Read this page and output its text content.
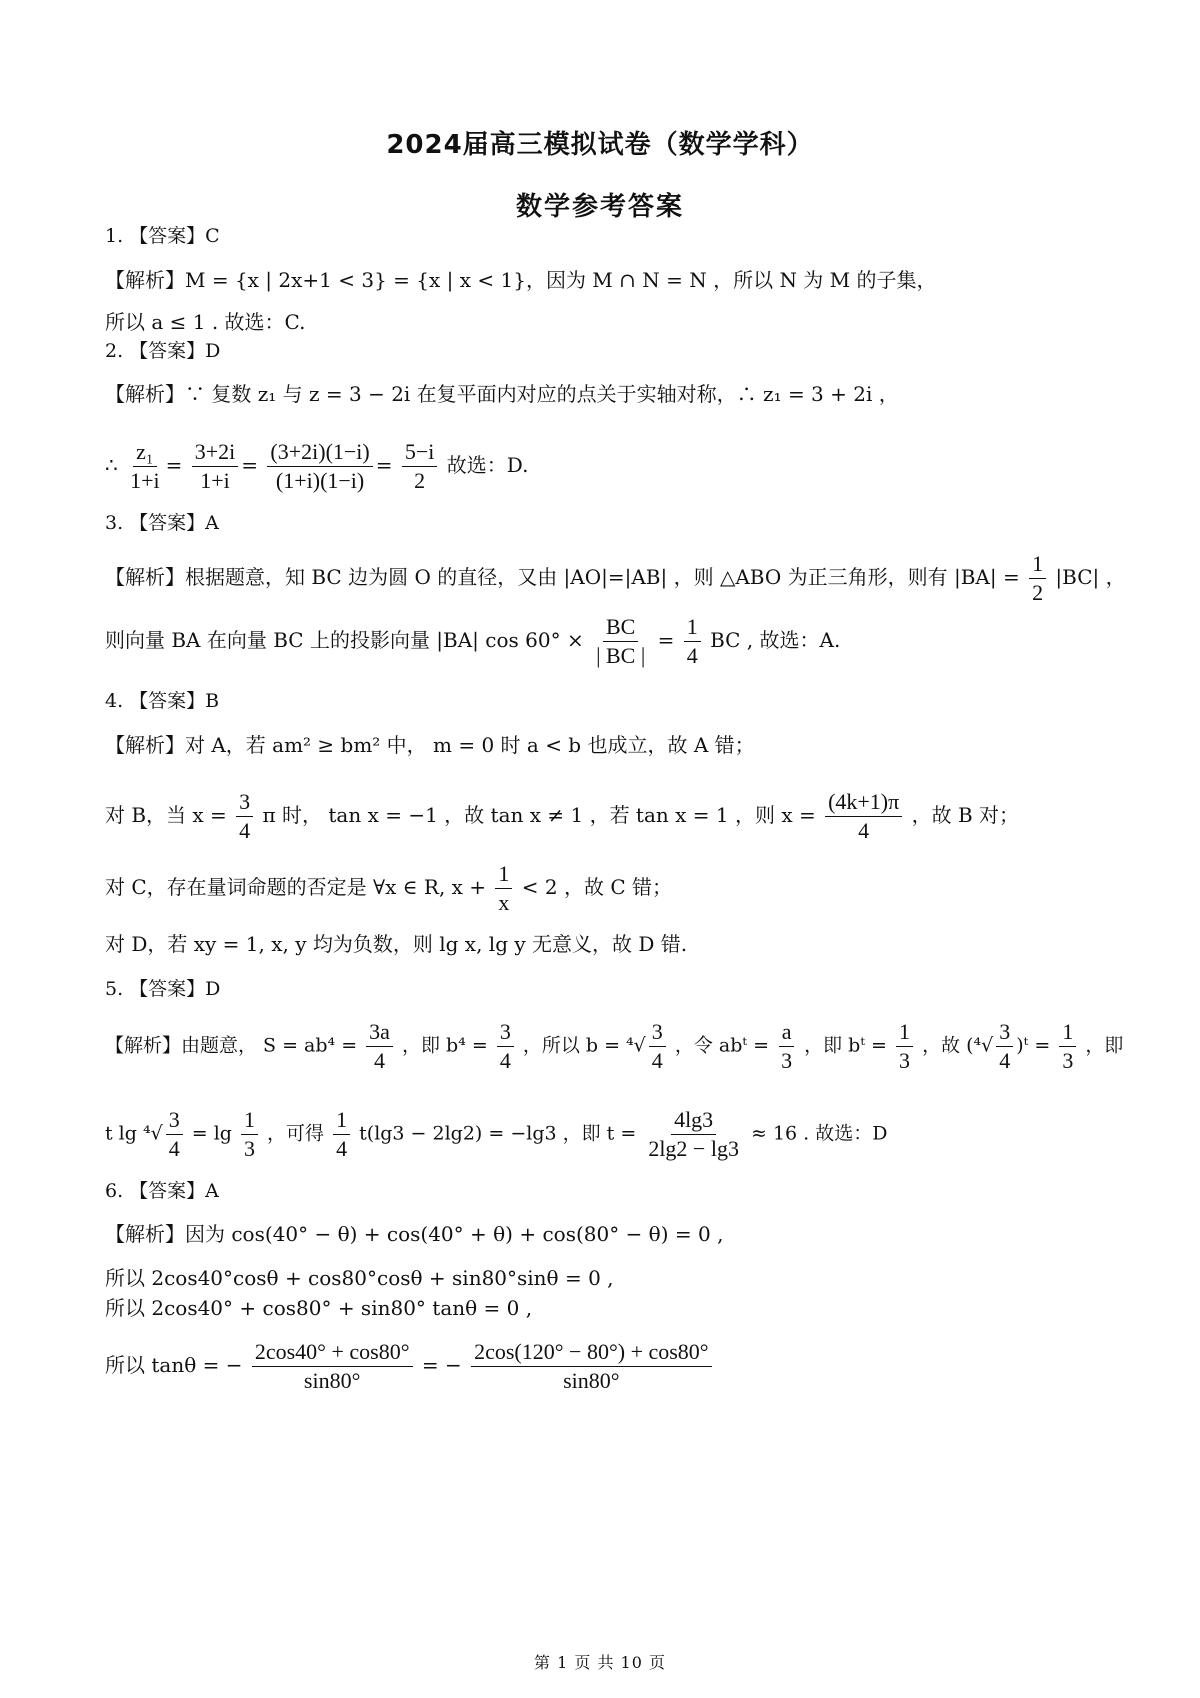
2024届高三模拟试卷（数学学科）
数学参考答案
1. 【答案】C
【解析】M = {x | 2x+1 < 3} = {x | x < 1}，因为 M ∩ N = N ，所以 N 为 M 的子集，
所以 a ≤ 1 . 故选：C.
2. 【答案】D
【解析】∵ 复数 z₁ 与 z = 3 − 2i 在复平面内对应的点关于实轴对称，∴ z₁ = 3 + 2i ，
∴ $\frac{\text{z₁}}{1+i} = \frac{3+2i}{1+i} = \frac{(3+2i)(1-i)}{(1+i)(1-i)} = \frac{5-i}{2}$ 故选：D.
3. 【答案】A
【解析】根据题意，知 BC 边为圆 O 的直径，又由 |AO|=|AB| ，则 △ABO 为正三角形，则有 $|BA| = \frac{1}{2} |BC|$ ，
则向量 BA 在向量 BC 上的投影向量 |BA| $\cos 60^\circ \times \frac{BC}{| BC |} = \frac{1}{4}$ BC , 故选：A.
4. 【答案】B
【解析】对 A，若 am² ≥ bm² 中， m = 0 时 a < b 也成立，故 A 错；
对 B，当 $x = \frac{3}{4}$ π 时， tan x = −1 ，故 tan x ≠ 1 ，若 tan x = 1 ，则 $x = \frac{(4k+1)\pi}{4}$ ，故 B 对；
对 C，存在量词命题的否定是 ∀x ∈ R, $x + \frac{1}{x} < 2$ ，故 C 错；
对 D，若 xy = 1, x, y 均为负数，则 lg x, lg y 无意义，故 D 错.
5. 【答案】D
【解析】由题意， $S = ab^4 = \frac{3a}{4}$ ，即 $b^4 = \frac{3}{4}$ ，所以 $b = ^4√ \frac{3}{4}$ ，令 abᵗ = $\frac{a}{3}$ ，即 bᵗ = $\frac{1}{3}$ ，故 ($^4√ \frac{3}{4}$ )ᵗ = $\frac{1}{3}$ ，即
t $\lg ^4√ \frac{3}{4} = \lg \frac{1}{3}$ ，可得 $\frac{1}{4} t(\lg 3 - 2\lg 2) = -\lg 3$ ，即 $t = \frac{4\lg 3}{2\lg 2 - \lg 3} \approx 16$ . 故选：D
6. 【答案】A
【解析】因为 cos(40° − θ) + cos(40° + θ) + cos(80° − θ) = 0 ,
所以 2cos40°cosθ + cos80°cosθ + sin80°sinθ = 0 ,
所以 2cos40° + cos80° + sin80° tanθ = 0 ,
所以 tanθ = − $\frac{2\cos 40^\circ + \cos 80^\circ}{\sin 80^\circ}$ = − $\frac{2\cos(120^\circ - 80^\circ) + \cos 80^\circ}{\sin 80^\circ}$
第 1 页 共 10 页
